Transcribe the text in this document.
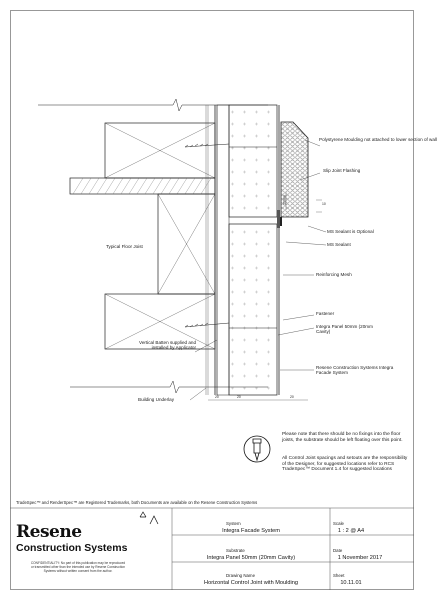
Polystyrene Moulding not attached to lower section of wall
Slip Joint Flashing
MS Sealant is Optional
MS Sealant
Typical Floor Joist
Reinforcing Mesh
Fastener
Integra Panel 50mm (20mm Cavity)
Vertical Batten supplied and installed by Applicator
Resene Construction Systems Integra Facade System
Building Underlay
20mm	10
20	20	20
Please note that there should be no fixings into the floor joists, the substrate should be left floating over this point.
All Control Joint spacings and setouts are the responsibility of the Designer, for suggested locations refer to RCS TradeSpec™ Document 1.4 for suggested locations
TradeSpec™ and RenderSpec™ are Registered Trademarks, both Documents are available on the Resene Construction Systems
Resene
Construction Systems
CONFIDENTIALITY: No part of this publication may be reproduced or transmitted other than the intended use by Resene Construction Systems without written consent from the author.
System
Integra Facade System
Substrate
Integra Panel 50mm (20mm Cavity)
Drawing Name
Horizontal Control Joint with Moulding
Scale
1 : 2 @ A4
Date
1 November 2017
Sheet
10.11.01
